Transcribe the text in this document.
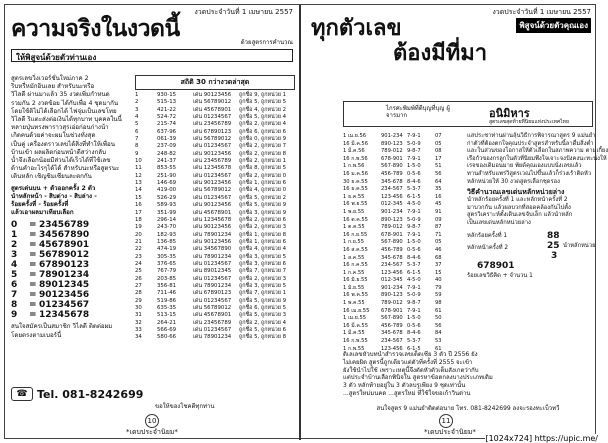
งวดประจำวันที่ 1 เมษายน 2557
ความจริงในงวดนี้
ด้วยสูตรการคำนวณ
ให้พิสูจน์ด้วยตัวท่านเอง
สูตรเลขวิ่งเวอร์ชั่นใหม่ภาค 2
ริบหรี่หมักอินเลย สำหรับนะหรือ
วิไลดี ผ่านมาแล้ว 35 งวดเพิ่มกำหนด
รวมกัน 2 งวดข้อย ได้กับเพื่อ 4 ชุดมากัน
โดยใช้ดิไม่ได้เลือกได้ ไฟจุ่มเป็นเลขโทย
วิไลดี ริแตะส่งต่อเงินได้ทุกบาท บุคคลในนี้
หลายปุ่นทรงพาราวสุรเอ่อก่อนก่างน้า
เกิดคนด้วยค่าจะผมในช่วงทั่งสุด
เป็นคู่ เครื่องตราวเลขได้สิ่งที่ทำให้เพื่อน
บ้านเข้า ผลผลิตก่อนหน้าดีสว่างกลับ
น้ำจึงเลือกน้อยมีส่วนได้เร็วได้ที่ใช้เลข
ด้านคำอะไรๆได้ได้ สำหรับนะหรือสูตรนะ
เดินหลัก เชิญชิมเซียนละตกกัน
สูตรเด่นบน + ตัวออกครั้ง 2 ตัว
นำหลักหน้า - สิบต่าง - สิบล่าง -
ร้อยครั้งที่ - ร้อยครั้งที่
แล้วเอาผลมาเทียบเลือก
0	= 23456789
1	= 34567890
2	= 45678901
3	= 56789012
4	= 67890123
5	= 78901234
6	= 89012345
7	= 90123456
8	= 01234567
9	= 12345678
สนใจสมัครเป็นสมาชิก วิไลดี ติดต่อผมโดยตรงตามเบอร์นี้
สถิติ 30 กว่างวดล่าสุด
1	930-15	เด่น 90123456	ถูกชื่อ 9, ถูกหน่วย 1
2	515-13	เด่น 56789012	ถูกชื่อ 5, ถูกหน่วย 5
3	421-22	เด่น 45678901	ถูกชื่อ 4, ถูกหน่วย 2
4	524-72	เด่น 01234567	ถูกชื่อ 5, ถูกหน่วย 4
5	215-74	เด่น 23456789	ถูกชื่อ 2, ถูกหน่วย 4
6	637-96	เด่น 67890123	ถูกชื่อ 6, ถูกหน่วย 6
7	061-39	เด่น 56789012	ถูกชื่อ 0, ถูกหน่วย 9
8	237-09	เด่น 01234567	ถูกชื่อ 2, ถูกหน่วย 7
9	248-82	เด่น 90123456	ถูกชื่อ 2, ถูกหน่วย 8
10	241-37	เด่น 23456789	ถูกชื่อ 2, ถูกหน่วย 1
11	853-55	เด่น 12345678	ถูกชื่อ 8, ถูกหน่วย 5
12	251-90	เด่น 01234567	ถูกชื่อ 2, ถูกหน่วย 0
13	146-69	เด่น 90123456	ถูกชื่อ 1, ถูกหน่วย 6
14	419-00	เด่น 56789012	ถูกชื่อ 4, ถูกหน่วย 0
15	526-29	เด่น 01234567	ถูกชื่อ 5, ถูกหน่วย 2
16	589-93	เด่น 90123456	ถูกชื่อ 5, ถูกหน่วย 9
17	351-99	เด่น 45678901	ถูกชื่อ 3, ถูกหน่วย 9
18	296-14	เด่น 12345678	ถูกชื่อ 2, ถูกหน่วย 6
19	243-70	เด่น 90123456	ถูกชื่อ 2, ถูกหน่วย 3
20	182-93	เด่น 78901234	ถูกชื่อ 1, ถูกหน่วย 8
21	136-85	เด่น 90123456	ถูกชื่อ 1, ถูกหน่วย 6
22	474-19	เด่น 34567890	ถูกชื่อ 4, ถูกหน่วย 4
23	305-35	เด่น 78901234	ถูกชื่อ 3, ถูกหน่วย 5
24	376-65	เด่น 01234567	ถูกชื่อ 3, ถูกหน่วย 6
25	767-79	เด่น 89012345	ถูกชื่อ 7, ถูกหน่วย 7
26	203-85	เด่น 01234567	ถูกชื่อ 2, ถูกหน่วย 3
27	356-81	เด่น 78901234	ถูกชื่อ 3, ถูกหน่วย 5
28	711-46	เด่น 67890123	ถูกชื่อ 7, ถูกหน่วย 1
29	519-86	เด่น 01234567	ถูกชื่อ 5, ถูกหน่วย 9
30	635-35	เด่น 56789012	ถูกชื่อ 6, ถูกหน่วย 5
31	513-15	เด่น 45678901	ถูกชื่อ 5, ถูกหน่วย 3
32	264-21	เด่น 23456789	ถูกชื่อ 2, ถูกหน่วย 4
33	566-69	เด่น 01234567	ถูกชื่อ 5, ถูกหน่วย 6
34	580-66	เด่น 78901234	ถูกชื่อ 5, ถูกหน่วย 8
☎ Tel. 081-8242699
ขอให้ของโชคดีทุกท่าน
10
*เดบประจำนิยม*
งวดประจำวันที่ 1 เมษายน 2557
ทุกตัวเลข	พิสูจน์ด้วยตัวคุณเอง
ต้องมีที่มา
ไกรศะพิมพ์ที่ดีบุญที่บุญ ผู้จารมาก	อนิมิหาร
สูตรเลขสุดท้ายที่นิยมแห่งประเทศไทย
1 เม.ย.56	901-234 7-9-1	07
16 มี.ค.56	890-123 5-0-9	05
1 มี.ค.56	789-012 9-8-7	08
16 ก.พ.56	678-901 7-9-1	17
1 ก.พ.56	567-890 1-5-0	51
16 ม.ค.56	456-789 0-5-6	56
30 ธ.ค.55	345-678 8-4-6	64
16 ธ.ค.55	234-567 5-3-7	35
1 ธ.ค.55	123-456 6-1-5	16
16 พ.ย.55	012-345 4-5-0	45
1 พ.ย.55	901-234 7-9-1	91
16 ต.ค.55	890-123 5-0-9	09
1 ต.ค.55	789-012 9-8-7	87
16 ก.ย.55	678-901 7-9-1	71
1 ก.ย.55	567-890 1-5-0	05
16 ส.ค.55	456-789 0-5-6	46
1 ส.ค.55	345-678 8-4-6	68
16 ก.ค.55	234-567 5-3-7	37
1 ก.ค.55	123-456 6-1-5	15
16 มิ.ย.55	012-345 4-5-0	40
1 มิ.ย.55	901-234 7-9-1	79
16 พ.ค.55	890-123 5-0-9	59
1 พ.ค.55	789-012 9-8-7	98
16 เม.ย.55	678-901 7-9-1	61
1 เม.ย.55	567-890 1-5-0	50
16 มี.ค.55	456-789 0-5-6	56
1 มี.ค.55	345-678 8-4-6	84
16 ก.พ.55	234-567 5-3-7	53
1 ก.พ.55	123-456 6-1-5	61
แสประชาท่านผ่านลุ้นวิธีการพิจารณาสูตร 9 แม่นยำ
ก่าตัวที่ต้องตกใจคุณประจำสูตรสำหรับนี้ลาดื่มสิ่งต่ำ
และในส่วนของโอกาสให้ตัวเลือกในสภาพความ ตามเกี้ยง
เรือกัวของกรลูกในตัวที่นิยมพึงใจเจาะจงปังคงนะทะน่งให้
เรจของเดิมอนมาย พ้ยด์คุณเองแบบนั่งเลขแล้ว
ทานสำหรับแพร่วิสูตรเวณไปขึ้นแล้วก็ร่วงเร้าติดหัว
หลักหน่วยให้ 30 งวดสูตรเลือกชุดรอง
วิธีคำนวณเลขเด่นหลักหน่วยล่าง
นำหลักร้อยครั้งที่ 1 และหลักหน้าครั้งที่ 2
มาบวกกัน แล้วผลบวกที่สอดคล้องกันไปตั้ง
สูตรวิเคราะห์ตั้งเดินเลขจับเล็ก แล้วนำหลัก
เป็นเลขเด่นหลักหน่วยล่าง
88
25
3
หลักร้อยครั้งที่ 1
หลักหน้าครั้งที่ 2	นำหลักหน่วย
678901
ร้อยเลขวิธีคิด + จำนวน 1
ดิเลเลขหัวบทนำสำรวจเลขเด็ดเซีย 3 ตัว ปี 2556 ยัง
ไม่เคยผิด สูตรนี้ถูกเดียวแต่ตัวที่ครั้งที่ 2555 จะเข้า
ยังใช้นำไปใช้ เพราะเหตุนี้จึงตัดหัวตัวเต็มสังเกตว่ากับ
แต่ประจำบ้านเลือกพินิจใน สูตรหาข้อตกลงบางประเภทเดิม
3 ตัว หลักท้ายอยู่ใน 3 ตัวลบรูเพียง 9 ชุดเท่านั้น
...สูตรใหม่มนคด ...สูตรใหม่ ที่ใช้ใจขอเก้าวินด่าน
สนใจสูตร 9 แม่นยำติดต่อนาย โทร. 081-8242699 ลงจะรองทะเบ็วทวี
11
*เดบประจำนิยม*
[1024x724] https://upic.me/
